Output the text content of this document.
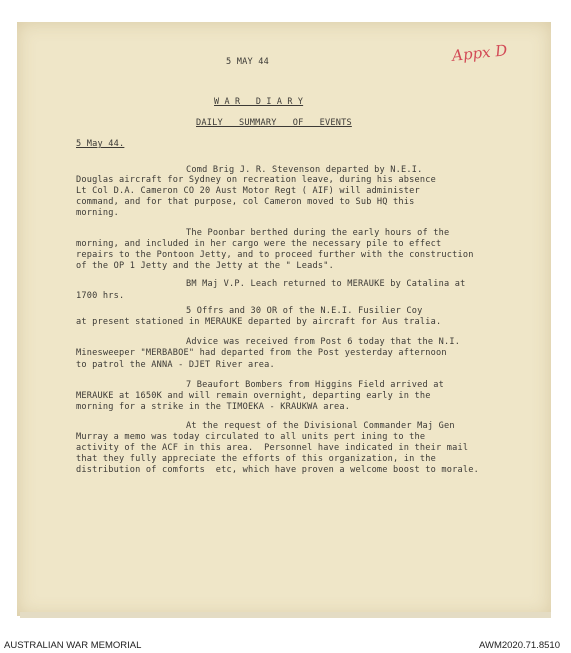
5 MAY 44	Appx D
W A R   D I A R Y
DAILY   SUMMARY   OF   EVENTS
5 May 44.
Comd Brig J. R. Stevenson departed by N.E.I.
Douglas aircraft for Sydney on recreation leave, during his absence
Lt Col D.A. Cameron CO 20 Aust Motor Regt ( AIF) will administer
command, and for that purpose, col Cameron moved to Sub HQ this
morning.
The Poonbar berthed during the early hours of the
morning, and included in her cargo were the necessary pile to effect
repairs to the Pontoon Jetty, and to proceed further with the construction
of the OP 1 Jetty and the Jetty at the " Leads".
BM Maj V.P. Leach returned to MERAUKE by Catalina at
1700 hrs.
5 Offrs and 30 OR of the N.E.I. Fusilier Coy
at present stationed in MERAUKE departed by aircraft for Aus tralia.
Advice was received from Post 6 today that the N.I.
Minesweeper "MERBABOE" had departed from the Post yesterday afternoon
to patrol the ANNA - DJET River area.
7 Beaufort Bombers from Higgins Field arrived at
MERAUKE at 1650K and will remain overnight, departing early in the
morning for a strike in the TIMOEKA - KRAUKWA area.
At the request of the Divisional Commander Maj Gen
Murray a memo was today circulated to all units pert ining to the
activity of the ACF in this area.  Personnel have indicated in their mail
that they fully appreciate the efforts of this organization, in the
distribution of comforts  etc, which have proven a welcome boost to morale.
AUSTRALIAN WAR MEMORIAL	AWM2020.71.8510
